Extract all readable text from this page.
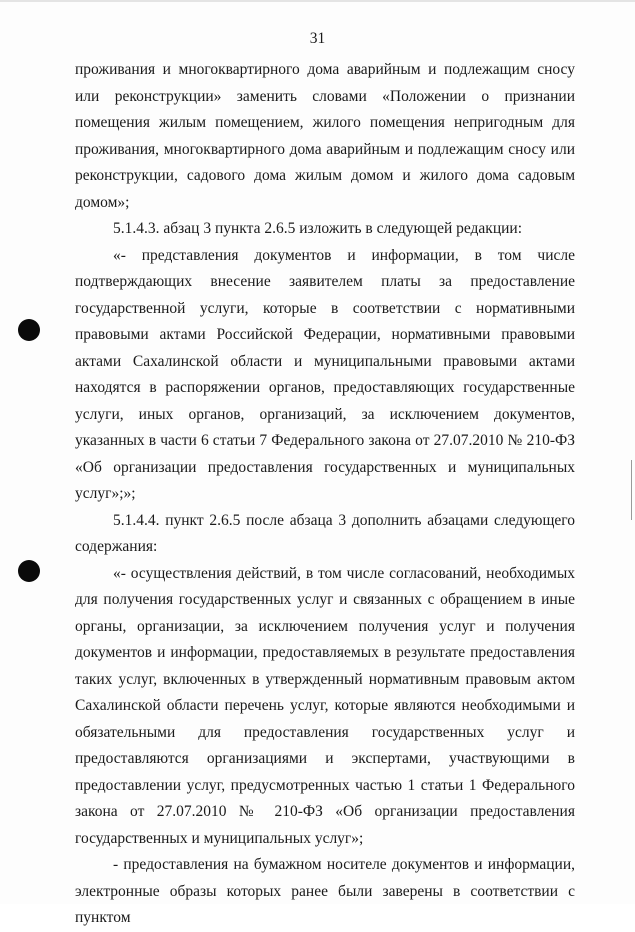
31

проживания и многоквартирного дома аварийным и подлежащим сносу или реконструкции» заменить словами «Положении о признании помещения жилым помещением, жилого помещения непригодным для проживания, многоквартирного дома аварийным и подлежащим сносу или реконструкции, садового дома жилым домом и жилого дома садовым домом»;

5.1.4.3. абзац 3 пункта 2.6.5 изложить в следующей редакции:

«- представления документов и информации, в том числе подтверждающих внесение заявителем платы за предоставление государственной услуги, которые в соответствии с нормативными правовыми актами Российской Федерации, нормативными правовыми актами Сахалинской области и муниципальными правовыми актами находятся в распоряжении органов, предоставляющих государственные услуги, иных органов, организаций, за исключением документов, указанных в части 6 статьи 7 Федерального закона от 27.07.2010 № 210-ФЗ «Об организации предоставления государственных и муниципальных услуг»;»;

5.1.4.4. пункт 2.6.5 после абзаца 3 дополнить абзацами следующего содержания:

«- осуществления действий, в том числе согласований, необходимых для получения государственных услуг и связанных с обращением в иные органы, организации, за исключением получения услуг и получения документов и информации, предоставляемых в результате предоставления таких услуг, включенных в утвержденный нормативным правовым актом Сахалинской области перечень услуг, которые являются необходимыми и обязательными для предоставления государственных услуг и предоставляются организациями и экспертами, участвующими в предоставлении услуг, предусмотренных частью 1 статьи 1 Федерального закона от 27.07.2010 № 210-ФЗ «Об организации предоставления государственных и муниципальных услуг»;

- предоставления на бумажном носителе документов и информации, электронные образы которых ранее были заверены в соответствии с пунктом
